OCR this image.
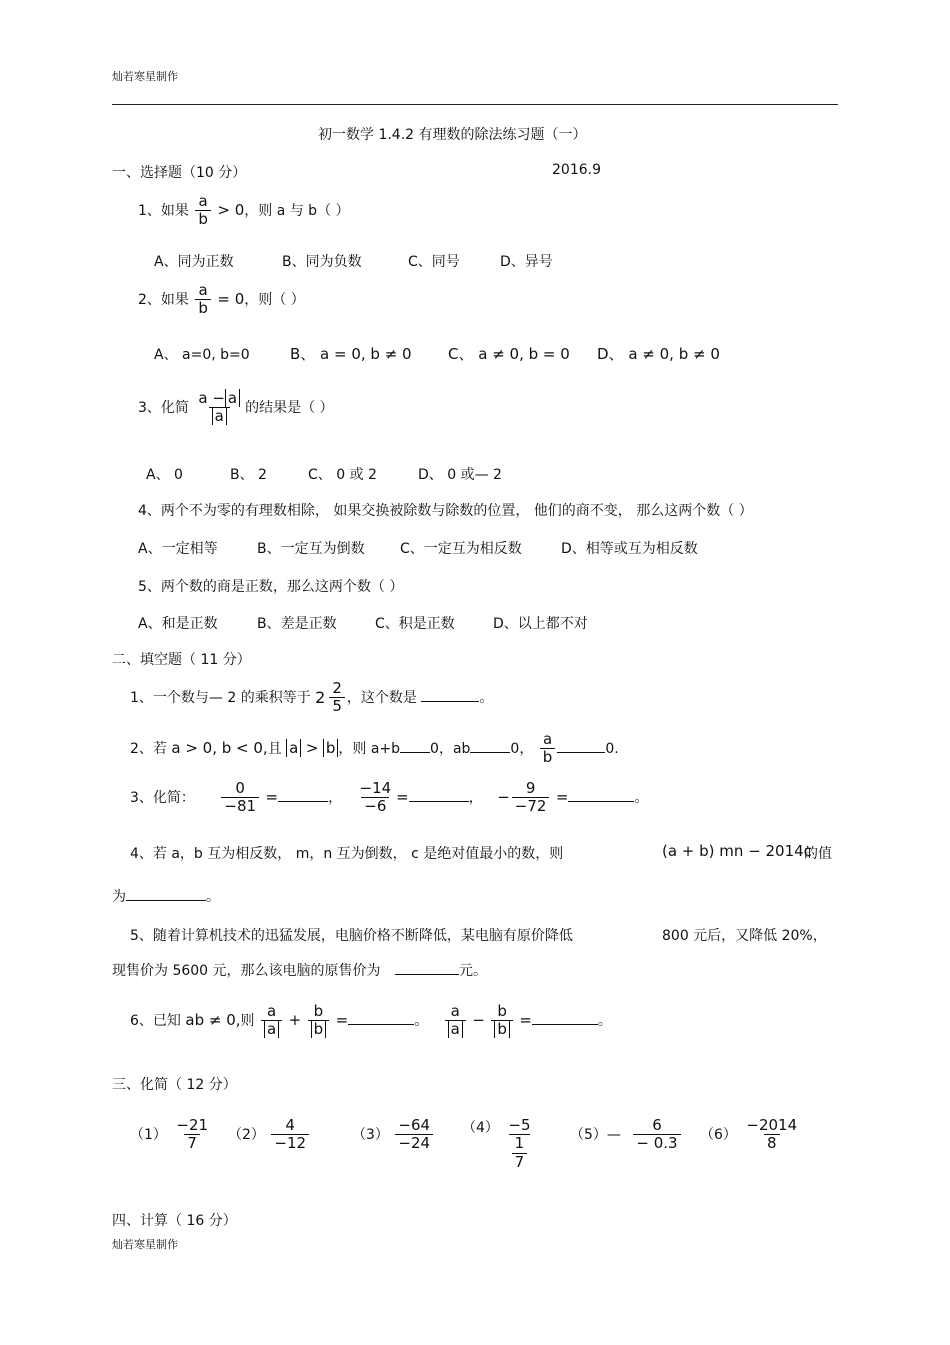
灿若寒星制作
初一数学 1.4.2 有理数的除法练习题（一）
一、选择题（10 分）	2016.9
1、如果 $\frac{a}{b} > 0$，则 a 与 b（ ）
A、同为正数	B、同为负数	C、同号	D、异号
2、如果 $\frac{a}{b} = 0$，则（ ）
A、 a=0, b=0	B、 a = 0, b ≠ 0 C、 a ≠ 0, b = 0 D、 a ≠ 0, b ≠ 0
3、化简 $\frac{a - a}{a}$ 的结果是（ ）
A、 0	B、 2	C、 0 或 2	D、 0 或— 2
4、两个不为零的有理数相除， 如果交换被除数与除数的位置， 他们的商不变， 那么这两个数（ ）
A、一定相等	B、一定互为倒数	C、一定互为相反数	D、相等或互为相反数
5、两个数的商是正数，那么这两个数（ ）
A、和是正数	B、差是正数	C、积是正数	D、以上都不对
二、填空题（ 11 分）
1、一个数与— 2 的乘积等于 $2 \frac{2}{5}$ ，这个数是	。
2、若 a > 0, b < 0,且 a > b ，则 a+b 0，ab	0， $\frac{a}{b}$	0.
3、化简： $\frac{0}{-81}$ =	， $\frac{-14}{-6}$ =	， − $\frac{9}{-72}$ =	。
4、若 a，b 互为相反数， m，n 互为倒数， c 是绝对值最小的数，则	(a + b) mn − 2014c
的值
为	。
5、随着计算机技术的迅猛发展，电脑价格不断降低，某电脑有原价降低	800 元后，又降低 20%，
现售价为 5600 元，那么该电脑的原售价为	元。
6、已知 ab ≠ 0,则 $\frac{a}{a} + \frac{b}{b}$ =	。 $\frac{a}{a} - \frac{b}{b}$ =	。
三、化简（ 12 分）
$(1) \frac{-21}{7} (2) \frac{4}{-12}$	$(3) \frac{-64}{-24} (4) \frac{-5}{\frac{1}{7}}$	（5）— $\frac{6}{- 0.3} (6) \frac{-2014}{8}$
四、计算（ 16 分）
灿若寒星制作
